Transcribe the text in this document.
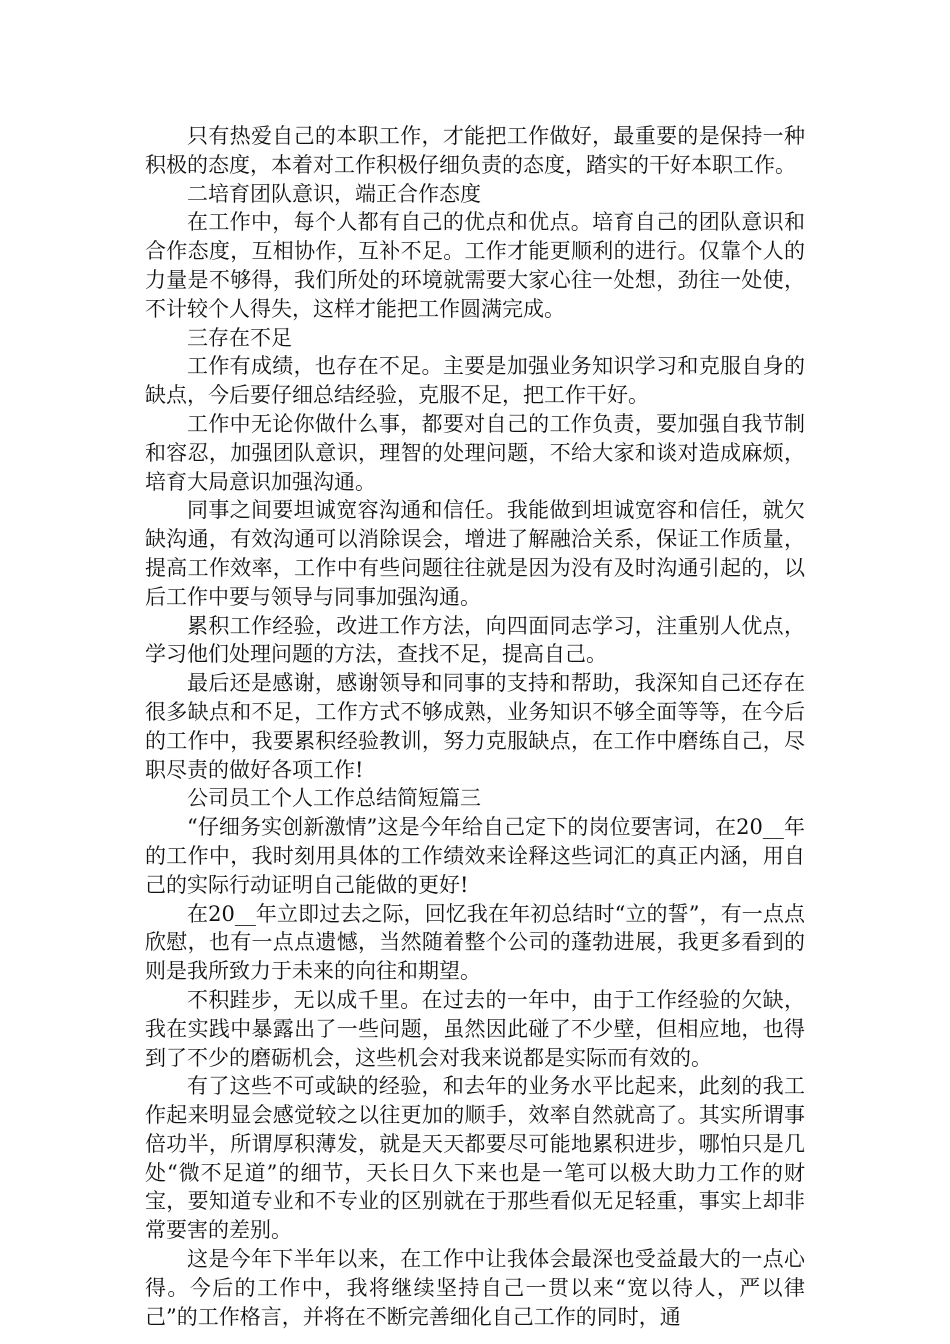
只有热爱自己的本职工作，才能把工作做好，最重要的是保持一种积极的态度，本着对工作积极仔细负责的态度，踏实的干好本职工作。

二培育团队意识，端正合作态度

在工作中，每个人都有自己的优点和优点。培育自己的团队意识和合作态度，互相协作，互补不足。工作才能更顺利的进行。仅靠个人的力量是不够得，我们所处的环境就需要大家心往一处想，劲往一处使，不计较个人得失，这样才能把工作圆满完成。

三存在不足

工作有成绩，也存在不足。主要是加强业务知识学习和克服自身的缺点，今后要仔细总结经验，克服不足，把工作干好。

工作中无论你做什么事，都要对自己的工作负责，要加强自我节制和容忍，加强团队意识，理智的处理问题，不给大家和谈对造成麻烦，培育大局意识加强沟通。

同事之间要坦诚宽容沟通和信任。我能做到坦诚宽容和信任，就欠缺沟通，有效沟通可以消除误会，增进了解融洽关系，保证工作质量，提高工作效率，工作中有些问题往往就是因为没有及时沟通引起的，以后工作中要与领导与同事加强沟通。

累积工作经验，改进工作方法，向四面同志学习，注重别人优点，学习他们处理问题的方法，查找不足，提高自己。

最后还是感谢，感谢领导和同事的支持和帮助，我深知自己还存在很多缺点和不足，工作方式不够成熟，业务知识不够全面等等，在今后的工作中，我要累积经验教训，努力克服缺点，在工作中磨练自己，尽职尽责的做好各项工作!

公司员工个人工作总结简短篇三

“仔细务实创新激情”这是今年给自己定下的岗位要害词，在20__年的工作中，我时刻用具体的工作绩效来诠释这些词汇的真正内涵，用自己的实际行动证明自己能做的更好!

在20__年立即过去之际，回忆我在年初总结时“立的誓”，有一点点欣慰，也有一点点遗憾，当然随着整个公司的蓬勃进展，我更多看到的则是我所致力于未来的向往和期望。

不积跬步，无以成千里。在过去的一年中，由于工作经验的欠缺，我在实践中暴露出了一些问题，虽然因此碰了不少壁，但相应地，也得到了不少的磨砺机会，这些机会对我来说都是实际而有效的。

有了这些不可或缺的经验，和去年的业务水平比起来，此刻的我工作起来明显会感觉较之以往更加的顺手，效率自然就高了。其实所谓事倍功半，所谓厚积薄发，就是天天都要尽可能地累积进步，哪怕只是几处“微不足道”的细节，天长日久下来也是一笔可以极大助力工作的财宝，要知道专业和不专业的区别就在于那些看似无足轻重，事实上却非常要害的差别。

这是今年下半年以来，在工作中让我体会最深也受益最大的一点心得。今后的工作中，我将继续坚持自己一贯以来“宽以待人，严以律己”的工作格言，并将在不断完善细化自己工作的同时，通
